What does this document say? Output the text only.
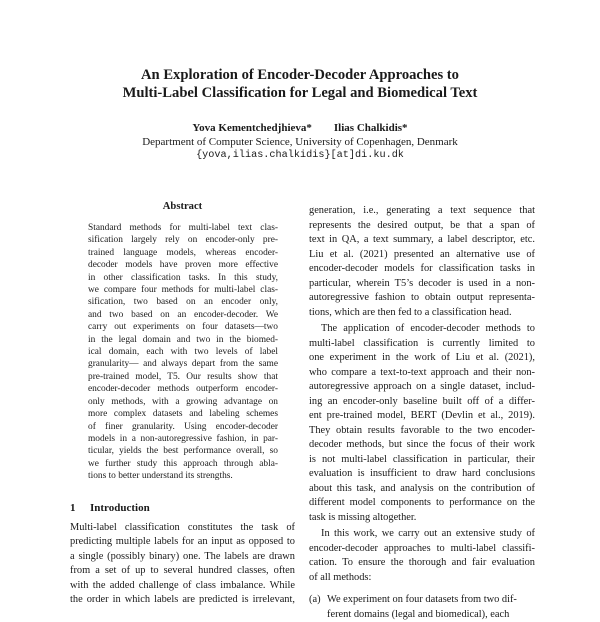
An Exploration of Encoder-Decoder Approaches to
Multi-Label Classification for Legal and Biomedical Text
Yova Kementchedjhieva* Ilias Chalkidis*
Department of Computer Science, University of Copenhagen, Denmark
{yova,ilias.chalkidis}[at]di.ku.dk
Abstract
Standard methods for multi-label text clas-
sification largely rely on encoder-only pre-
trained language models, whereas encoder-
decoder models have proven more effective
in other classification tasks. In this study,
we compare four methods for multi-label clas-
sification, two based on an encoder only,
and two based on an encoder-decoder. We
carry out experiments on four datasets—two
in the legal domain and two in the biomed-
ical domain, each with two levels of label
granularity— and always depart from the same
pre-trained model, T5. Our results show that
encoder-decoder methods outperform encoder-
only methods, with a growing advantage on
more complex datasets and labeling schemes
of finer granularity. Using encoder-decoder
models in a non-autoregressive fashion, in par-
ticular, yields the best performance overall, so
we further study this approach through abla-
tions to better understand its strengths.
1 Introduction
Multi-label classification constitutes the task of
predicting multiple labels for an input as opposed to
a single (possibly binary) one. The labels are drawn
from a set of up to several hundred classes, often
with the added challenge of class imbalance. While
the order in which labels are predicted is irrelevant,
generation, i.e., generating a text sequence that
represents the desired output, be that a span of
text in QA, a text summary, a label descriptor, etc.
Liu et al. (2021) presented an alternative use of
encoder-decoder models for classification tasks in
particular, wherein T5’s decoder is used in a non-
autoregressive fashion to obtain output representa-
tions, which are then fed to a classification head.
The application of encoder-decoder methods to
multi-label classification is currently limited to
one experiment in the work of Liu et al. (2021),
who compare a text-to-text approach and their non-
autoregressive approach on a single dataset, includ-
ing an encoder-only baseline built off of a differ-
ent pre-trained model, BERT (Devlin et al., 2019).
They obtain results favorable to the two encoder-
decoder methods, but since the focus of their work
is not multi-label classification in particular, their
evaluation is insufficient to draw hard conclusions
about this task, and analysis on the contribution of
different model components to performance on the
task is missing altogether.
In this work, we carry out an extensive study of
encoder-decoder approaches to multi-label classifi-
cation. To ensure the thorough and fair evaluation
of all methods:
(a) We experiment on four datasets from two dif-
ferent domains (legal and biomedical), each
